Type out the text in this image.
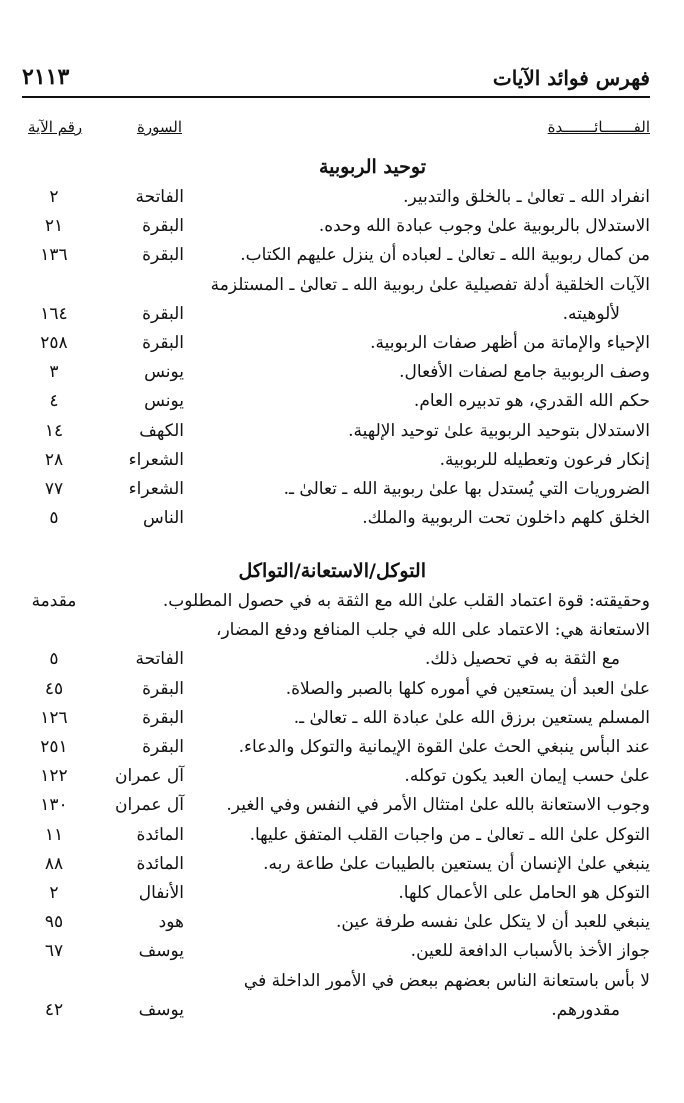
فهرس فوائد الآيات
٢١١٣
الفـــــــائـــــــدة
السورة
رقم الآية
توحيد الربوبية
انفراد الله ـ تعالىٰ ـ بالخلق والتدبير.
الفاتحة
٢
الاستدلال بالربوبية علىٰ وجوب عبادة الله وحده.
البقرة
٢١
من كمال ربوبية الله ـ تعالىٰ ـ لعباده أن ينزل عليهم الكتاب.
البقرة
١٣٦
الآيات الخلقية أدلة تفصيلية علىٰ ربوبية الله ـ تعالىٰ ـ المستلزمة
لألوهيته.
البقرة
١٦٤
الإحياء والإماتة من أظهر صفات الربوبية.
البقرة
٢٥٨
وصف الربوبية جامع لصفات الأفعال.
يونس
٣
حكم الله القدري، هو تدبيره العام.
يونس
٤
الاستدلال بتوحيد الربوبية علىٰ توحيد الإلهية.
الكهف
١٤
إنكار فرعون وتعطيله للربوبية.
الشعراء
٢٨
الضروريات التي يُستدل بها علىٰ ربوبية الله ـ تعالىٰ ـ.
الشعراء
٧٧
الخلق كلهم داخلون تحت الربوبية والملك.
الناس
٥
التوكل/الاستعانة/التواكل
وحقيقته: قوة اعتماد القلب علىٰ الله مع الثقة به في حصول المطلوب.
مقدمة
الاستعانة هي: الاعتماد على الله في جلب المنافع ودفع المضار،
مع الثقة به في تحصيل ذلك.
الفاتحة
٥
علىٰ العبد أن يستعين في أموره كلها بالصبر والصلاة.
البقرة
٤٥
المسلم يستعين برزق الله علىٰ عبادة الله ـ تعالىٰ ـ.
البقرة
١٢٦
عند البأس ينبغي الحث علىٰ القوة الإيمانية والتوكل والدعاء.
البقرة
٢٥١
علىٰ حسب إيمان العبد يكون توكله.
آل عمران
١٢٢
وجوب الاستعانة بالله علىٰ امتثال الأمر في النفس وفي الغير.
آل عمران
١٣٠
التوكل علىٰ الله ـ تعالىٰ ـ من واجبات القلب المتفق عليها.
المائدة
١١
ينبغي علىٰ الإنسان أن يستعين بالطيبات علىٰ طاعة ربه.
المائدة
٨٨
التوكل هو الحامل على الأعمال كلها.
الأنفال
٢
ينبغي للعبد أن لا يتكل علىٰ نفسه طرفة عين.
هود
٩٥
جواز الأخذ بالأسباب الدافعة للعين.
يوسف
٦٧
لا بأس باستعانة الناس بعضهم ببعض في الأمور الداخلة في
مقدورهم.
يوسف
٤٢
